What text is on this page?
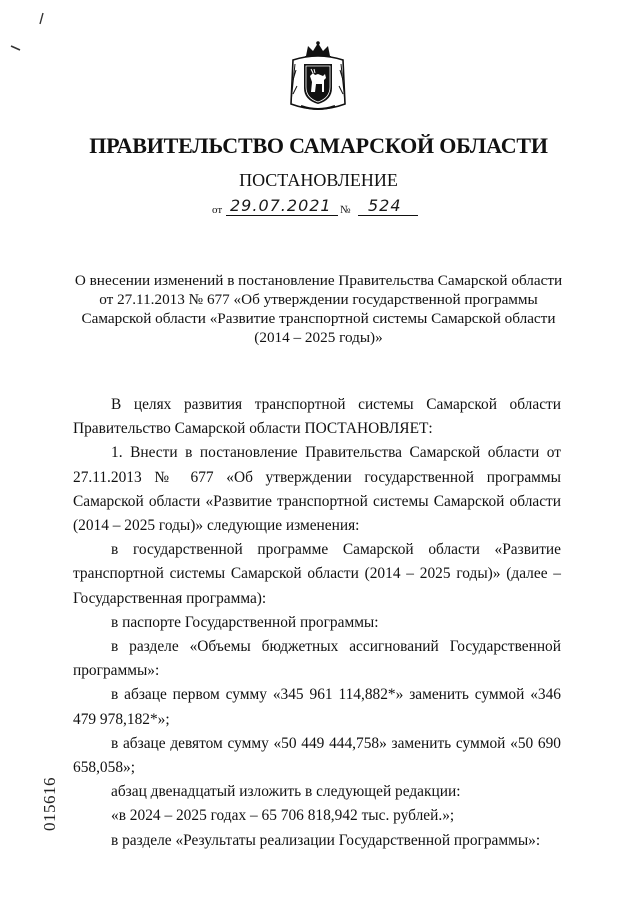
ПРАВИТЕЛЬСТВО САМАРСКОЙ ОБЛАСТИ
ПОСТАНОВЛЕНИЕ
от 29.07.2021 № 524
О внесении изменений в постановление Правительства Самарской области
от 27.11.2013 № 677 «Об утверждении государственной программы
Самарской области «Развитие транспортной системы Самарской области
(2014 – 2025 годы)»

В целях развития транспортной системы Самарской области Правительство Самарской области ПОСТАНОВЛЯЕТ:

1. Внести в постановление Правительства Самарской области от 27.11.2013 № 677 «Об утверждении государственной программы Самарской области «Развитие транспортной системы Самарской области (2014 – 2025 годы)» следующие изменения:

в государственной программе Самарской области «Развитие транспортной системы Самарской области (2014 – 2025 годы)» (далее – Государственная программа):

в паспорте Государственной программы:

в разделе «Объемы бюджетных ассигнований Государственной программы»:

в абзаце первом сумму «345 961 114,882*» заменить суммой «346 479 978,182*»;

в абзаце девятом сумму «50 449 444,758» заменить суммой «50 690 658,058»;

абзац двенадцатый изложить в следующей редакции:

«в 2024 – 2025 годах – 65 706 818,942 тыс. рублей.»;

в разделе «Результаты реализации Государственной программы»:

015616
